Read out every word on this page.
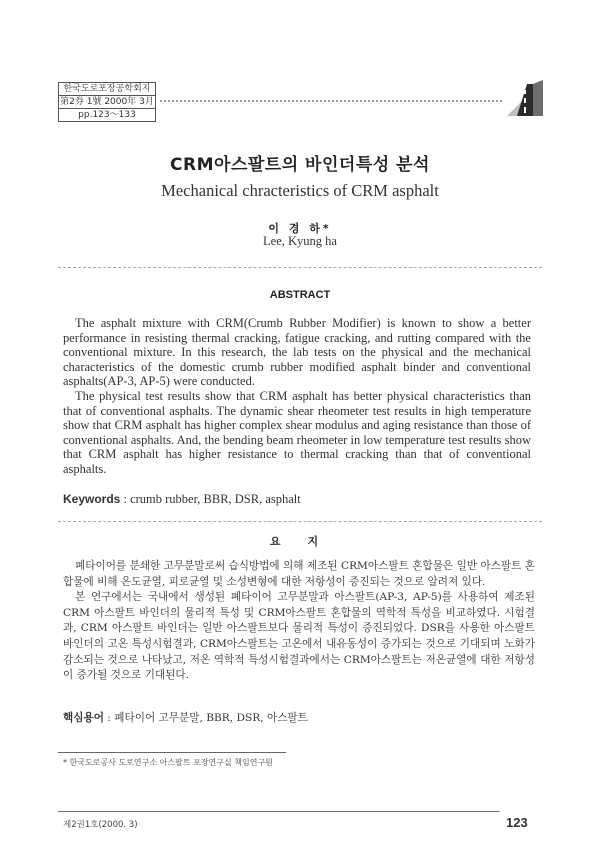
한국도로포장공학회지
第2券 1號 2000年 3月
pp.123～133
CRM아스팔트의 바인더특성 분석
Mechanical chracteristics of CRM asphalt
이 경 하*
Lee, Kyung ha
ABSTRACT

The asphalt mixture with CRM(Crumb Rubber Modifier) is known to show a better performance in resisting thermal cracking, fatigue cracking, and rutting compared with the conventional mixture. In this research, the lab tests on the physical and the mechanical characteristics of the domestic crumb rubber modified asphalt binder and conventional asphalts(AP-3, AP-5) were conducted.

The physical test results show that CRM asphalt has better physical characteristics than that of conventional asphalts. The dynamic shear rheometer test results in high temperature show that CRM asphalt has higher complex shear modulus and aging resistance than those of conventional asphalts. And, the bending beam rheometer in low temperature test results show that CRM asphalt has higher resistance to thermal cracking than that of conventional asphalts.

Keywords : crumb rubber, BBR, DSR, asphalt
요 지

폐타이어를 분쇄한 고무분말로써 습식방법에 의해 제조된 CRM아스팔트 혼합물은 일반 아스팔트 혼합물에 비해 온도균열, 피로균열 및 소성변형에 대한 저항성이 증진되는 것으로 알려져 있다.

본 연구에서는 국내에서 생성된 폐타이어 고무분말과 아스팔트(AP-3, AP-5)를 사용하여 제조된 CRM 아스팔트 바인더의 물리적 특성 및 CRM아스팔트 혼합물의 역학적 특성을 비교하였다. 시험결과, CRM 아스팔트 바인더는 일반 아스팔트보다 물리적 특성이 증진되었다. DSR을 사용한 아스팔트 바인더의 고온 특성시험결과, CRM아스팔트는 고온에서 내유동성이 증가되는 것으로 기대되며 노화가 감소되는 것으로 나타났고, 저온 역학적 특성시험결과에서는 CRM아스팔트는 저온균열에 대한 저항성이 증가될 것으로 기대된다.

핵심용어 : 폐타이어 고무분말, BBR, DSR, 아스팔트
* 한국도로공사 도로연구소 아스팔트 포장연구실 책임연구원
제2권1호(2000. 3)	123
